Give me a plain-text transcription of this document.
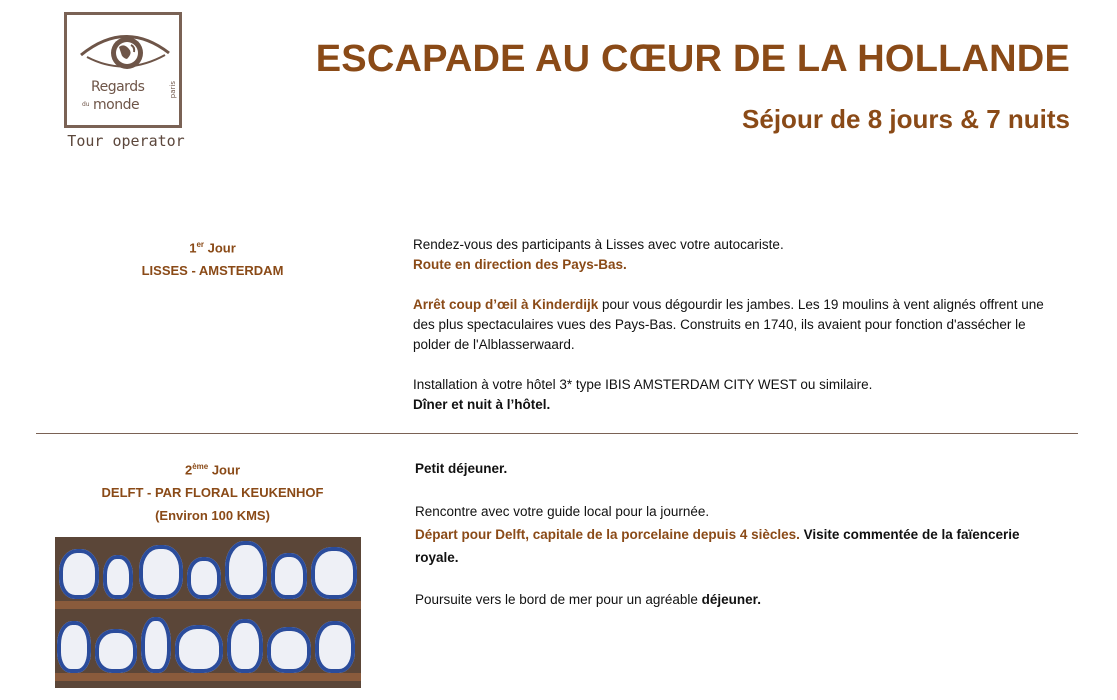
Regards
du monde
paris
Tour operator
ESCAPADE AU CŒUR DE LA HOLLANDE
Séjour de 8 jours & 7 nuits
1er Jour
LISSES - AMSTERDAM

Rendez-vous des participants à Lisses avec votre autocariste.

Route en direction des Pays-Bas.

Arrêt coup d’œil à Kinderdijk pour vous dégourdir les jambes. Les 19 moulins à vent alignés offrent une des plus spectaculaires vues des Pays-Bas. Construits en 1740, ils avaient pour fonction d'assécher le polder de l'Alblasserwaard.

Installation à votre hôtel 3* type IBIS AMSTERDAM CITY WEST ou similaire.

Dîner et nuit à l’hôtel.

2ème Jour
DELFT - PAR FLORAL KEUKENHOF
(Environ 100 KMS)

Petit déjeuner.

Rencontre avec votre guide local pour la journée.

Départ pour Delft, capitale de la porcelaine depuis 4 siècles. Visite commentée de la faïencerie royale.

Poursuite vers le bord de mer pour un agréable déjeuner.
